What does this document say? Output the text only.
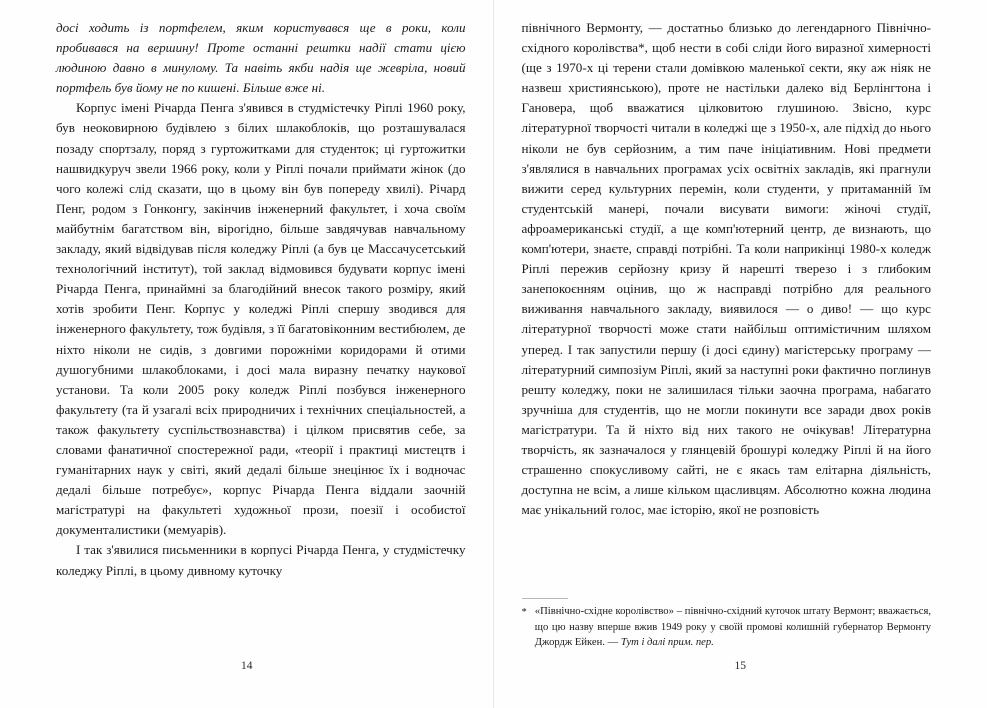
досі ходить із портфелем, яким користувався ще в роки, коли пробивався на вершину! Проте останні рештки надії стати цією людиною давно в минулому. Та навіть якби надія ще жевріла, новий портфель був йому не по кишені. Більше вже ні.

Корпус імені Річарда Пенга з'явився в студмістечку Ріплі 1960 року, був неоковирною будівлею з білих шлакоблоків, що розташувалася позаду спортзалу, поряд з гуртожитками для студенток; ці гуртожитки нашвидкуруч звели 1966 року, коли у Ріплі почали приймати жінок (до чого колежі слід сказати, що в цьому він був попереду хвилі). Річард Пенг, родом з Гонконгу, закінчив інженерний факультет, і хоча своїм майбутнім багатством він, вірогідно, більше завдячував навчальному закладу, який відвідував після коледжу Ріплі (а був це Массачусетський технологічний інститут), той заклад відмовився будувати корпус імені Річарда Пенга, принаймні за благодійний внесок такого розміру, який хотів зробити Пенг. Корпус у коледжі Ріплі спершу зводився для інженерного факультету, тож будівля, з її багатовіконним вестибюлем, де ніхто ніколи не сидів, з довгими порожніми коридорами й отими душогубними шлакоблоками, і досі мала виразну печатку наукової установи. Та коли 2005 року коледж Ріплі позбувся інженерного факультету (та й узагалі всіх природничих і технічних спеціальностей, а також факультету суспільствознавства) і цілком присвятив себе, за словами фанатичної спостережної ради, «теорії і практиці мистецтв і гуманітарних наук у світі, який дедалі більше знецінює їх і водночас дедалі більше потребує», корпус Річарда Пенга віддали заочній магістратурі на факультеті художньої прози, поезії і особистої документалистики (мемуарів).

І так з'явилися письменники в корпусі Річарда Пенга, у студмістечку коледжу Ріплі, в цьому дивному куточку

14

північного Вермонту, — достатньо близько до легендарного Північно-східного королівства*, щоб нести в собі сліди його виразної химерності (ще з 1970-х ці терени стали домівкою маленької секти, яку аж ніяк не назвеш християнською), проте не настільки далеко від Берлінгтона і Гановера, щоб вважатися цілковитою глушиною. Звісно, курс літературної творчості читали в коледжі ще з 1950-х, але підхід до нього ніколи не був серйозним, а тим паче ініціативним. Нові предмети з'являлися в навчальних програмах усіх освітніх закладів, які прагнули вижити серед культурних перемін, коли студенти, у притаманній їм студентській манері, почали висувати вимоги: жіночі студії, афроамериканські студії, а ще комп'ютерний центр, де визнають, що комп'ютери, знаєте, справді потрібні. Та коли наприкінці 1980-х коледж Ріплі пережив серйозну кризу й нарешті тверезо і з глибоким занепокоєнням оцінив, що ж насправді потрібно для реального виживання навчального закладу, виявилося — о диво! — що курс літературної творчості може стати найбільш оптимістичним шляхом уперед. І так запустили першу (і досі єдину) магістерську програму — літературний симпозіум Ріплі, який за наступні роки фактично поглинув решту коледжу, поки не залишилася тільки заочна програма, набагато зручніша для студентів, що не могли покинути все заради двох років магістратури. Та й ніхто від них такого не очікував! Літературна творчість, як зазначалося у глянцевій брошурі коледжу Ріплі й на його страшенно спокусливому сайті, не є якась там елітарна діяльність, доступна не всім, а лише кільком щасливцям. Абсолютно кожна людина має унікальний голос, має історію, якої не розповість

* «Північно-східне королівство» – північно-східний куточок штату Вермонт; вважається, що цю назву вперше вжив 1949 року у своїй промові колишній губернатор Вермонту Джордж Ейкен. — Тут і далі прим. пер.
15
